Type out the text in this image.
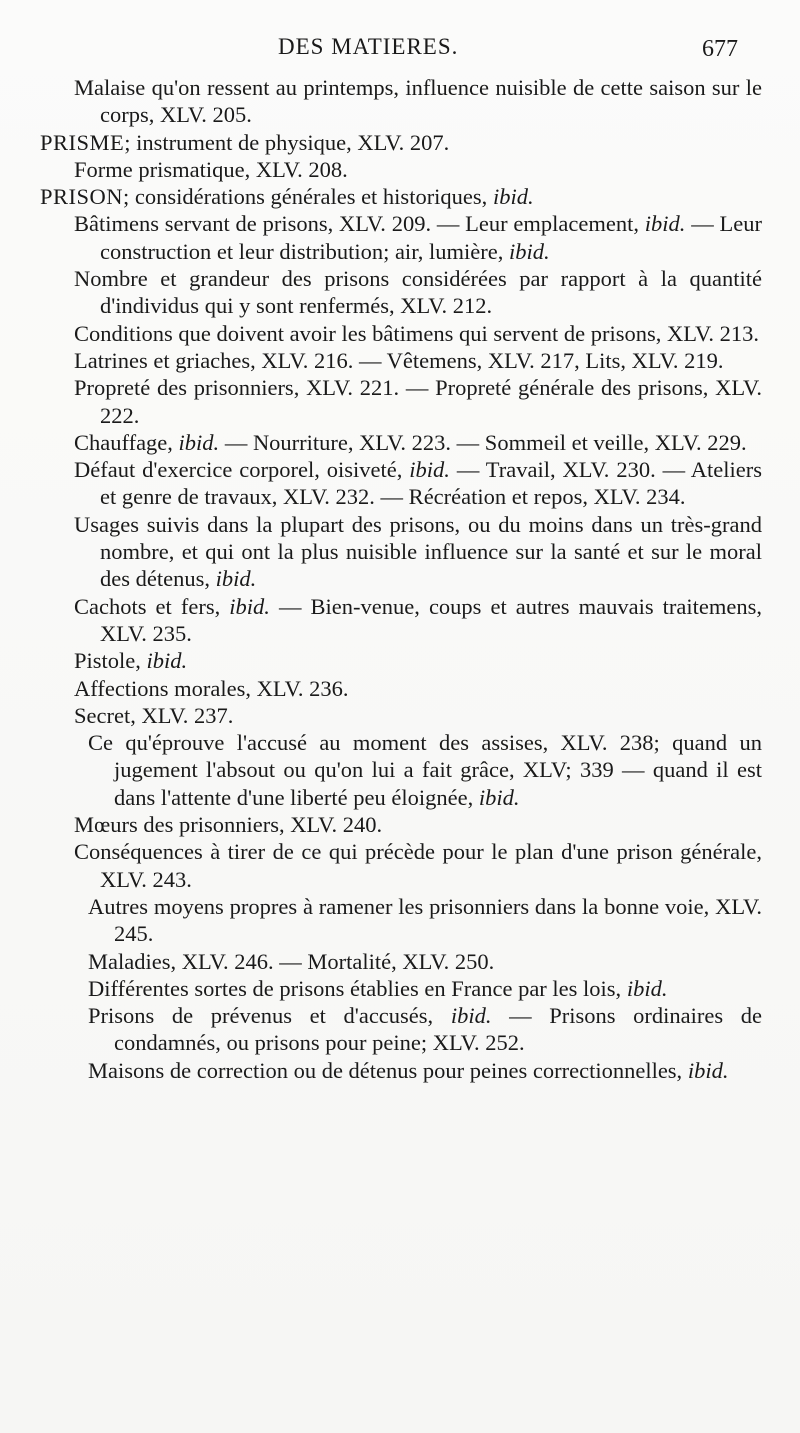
DES MATIERES.	677
Malaise qu'on ressent au printemps, influence nuisible de cette saison sur le corps, XLV. 205.
PRISME; instrument de physique, XLV. 207.
Forme prismatique, XLV. 208.
PRISON; considérations générales et historiques, ibid.
Bâtimens servant de prisons, XLV. 209. — Leur emplacement, ibid. — Leur construction et leur distribution; air, lumière, ibid.
Nombre et grandeur des prisons considérées par rapport à la quantité d'individus qui y sont renfermés, XLV. 212.
Conditions que doivent avoir les bâtimens qui servent de prisons, XLV. 213.
Latrines et griaches, XLV. 216. — Vêtemens, XLV. 217, Lits, XLV. 219.
Propreté des prisonniers, XLV. 221. — Propreté générale des prisons, XLV. 222.
Chauffage, ibid. — Nourriture, XLV. 223. — Sommeil et veille, XLV. 229.
Défaut d'exercice corporel, oisiveté, ibid. — Travail, XLV. 230. — Ateliers et genre de travaux, XLV. 232. — Récréation et repos, XLV. 234.
Usages suivis dans la plupart des prisons, ou du moins dans un très-grand nombre, et qui ont la plus nuisible influence sur la santé et sur le moral des détenus, ibid.
Cachots et fers, ibid. — Bien-venue, coups et autres mauvais traitemens, XLV. 235.
Pistole, ibid.
Affections morales, XLV. 236.
Secret, XLV. 237.
Ce qu'éprouve l'accusé au moment des assises, XLV. 238; quand un jugement l'absout ou qu'on lui a fait grâce, XLV; 339 — quand il est dans l'attente d'une liberté peu éloignée, ibid.
Mœurs des prisonniers, XLV. 240.
Conséquences à tirer de ce qui précède pour le plan d'une prison générale, XLV. 243.
Autres moyens propres à ramener les prisonniers dans la bonne voie, XLV. 245.
Maladies, XLV. 246. — Mortalité, XLV. 250.
Différentes sortes de prisons établies en France par les lois, ibid.
Prisons de prévenus et d'accusés, ibid. — Prisons ordinaires de condamnés, ou prisons pour peine; XLV. 252.
Maisons de correction ou de détenus pour peines correctionnelles, ibid.
